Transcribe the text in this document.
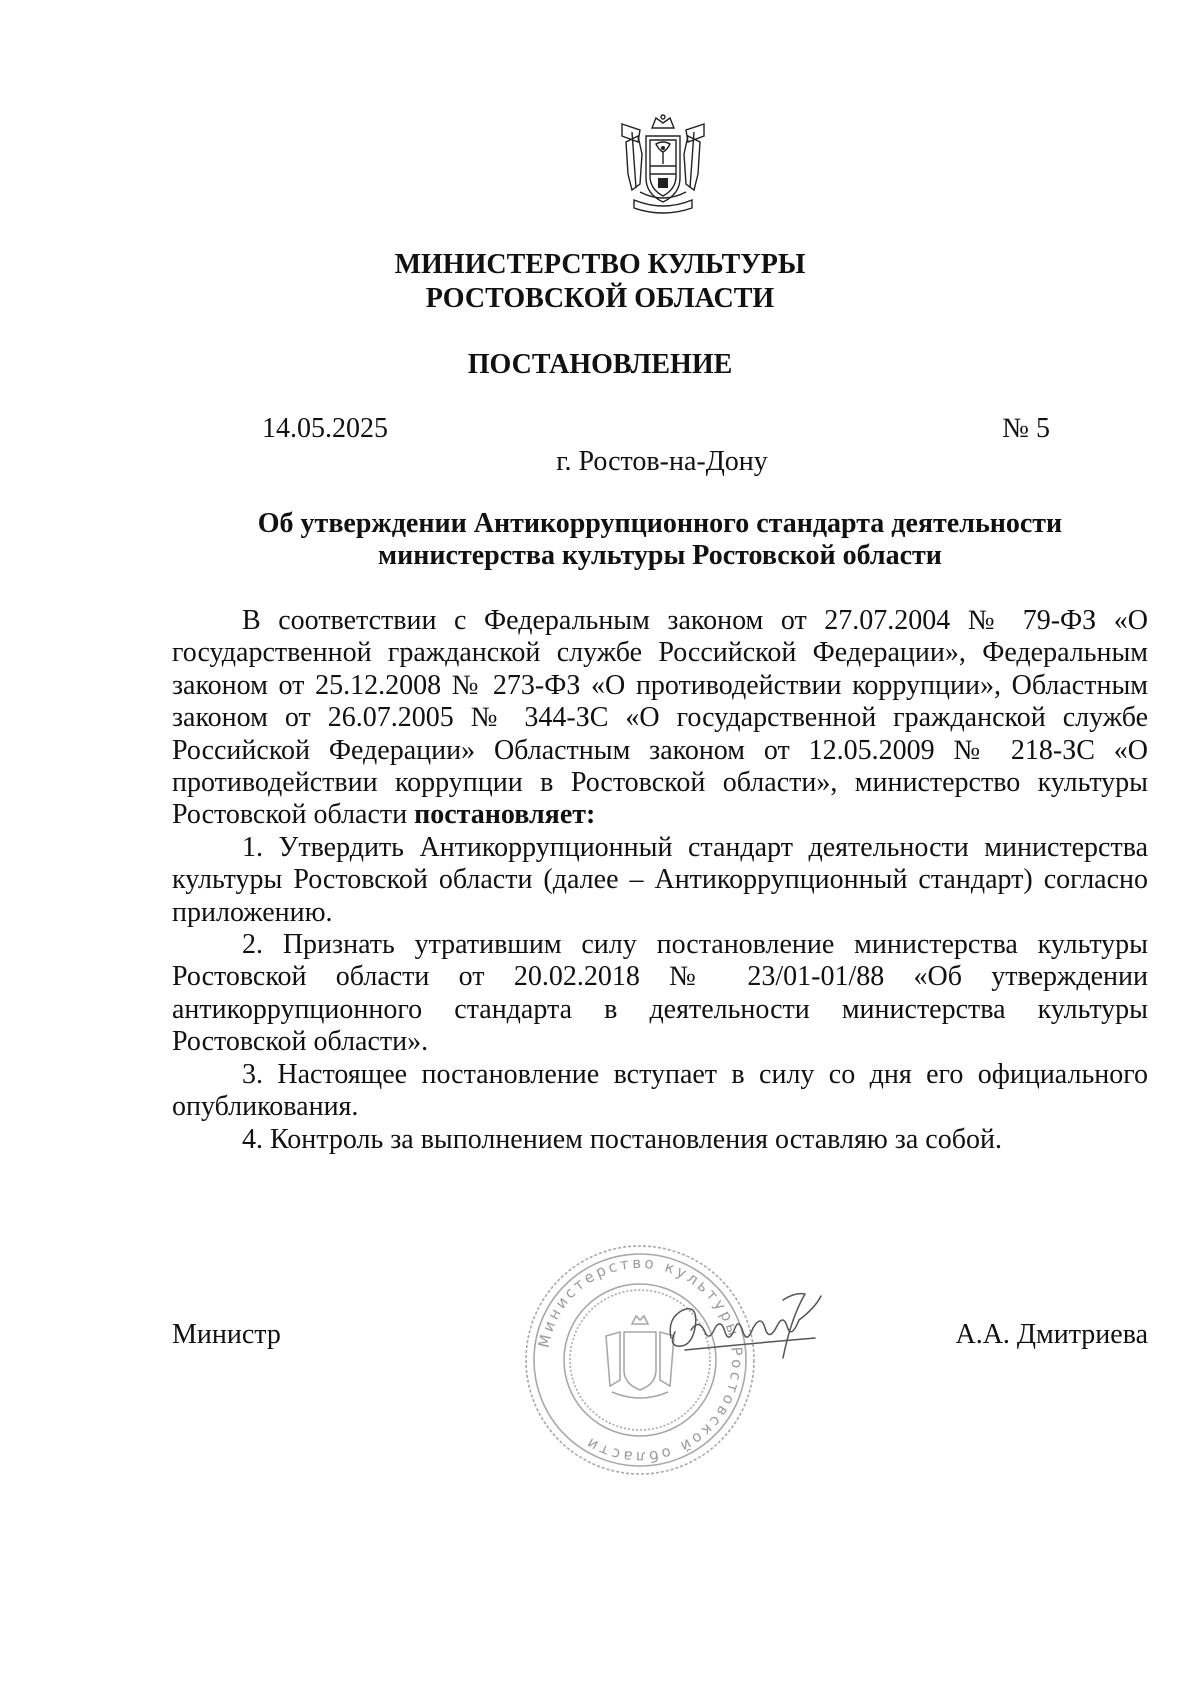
МИНИСТЕРСТВО КУЛЬТУРЫ
РОСТОВСКОЙ ОБЛАСТИ
ПОСТАНОВЛЕНИЕ
14.05.2025	№ 5
г. Ростов-на-Дону
Об утверждении Антикоррупционного стандарта деятельности
министерства культуры Ростовской области

В соответствии с Федеральным законом от 27.07.2004 № 79-ФЗ «О государственной гражданской службе Российской Федерации», Федеральным законом от 25.12.2008 № 273-ФЗ «О противодействии коррупции», Областным законом от 26.07.2005 № 344-ЗС «О государственной гражданской службе Российской Федерации» Областным законом от 12.05.2009 № 218-ЗС «О противодействии коррупции в Ростовской области», министерство культуры Ростовской области постановляет:

1. Утвердить Антикоррупционный стандарт деятельности министерства культуры Ростовской области (далее – Антикоррупционный стандарт) согласно приложению.

2. Признать утратившим силу постановление министерства культуры Ростовской области от 20.02.2018 № 23/01-01/88 «Об утверждении антикоррупционного стандарта в деятельности министерства культуры Ростовской области».

3. Настоящее постановление вступает в силу со дня его официального опубликования.

4. Контроль за выполнением постановления оставляю за собой.

Министерство культуры Ростовской области
Министр	А.А. Дмитриева
